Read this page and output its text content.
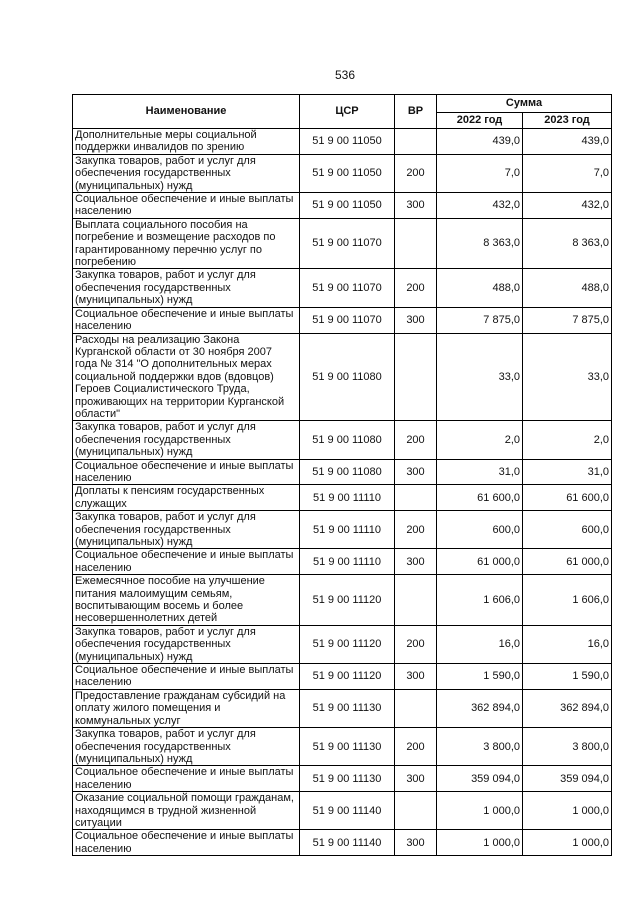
536
Наименование	ЦСР	ВР	Сумма	
			2022 год	2023 год
Дополнительные меры социальной поддержки инвалидов по зрению	51 9 00 11050		439,0	439,0
Закупка товаров, работ и услуг для обеспечения государственных (муниципальных) нужд	51 9 00 11050	200	7,0	7,0
Социальное обеспечение и иные выплаты населению	51 9 00 11050	300	432,0	432,0
Выплата социального пособия на погребение и возмещение расходов по гарантированному перечню услуг по погребению	51 9 00 11070		8 363,0	8 363,0
Закупка товаров, работ и услуг для обеспечения государственных (муниципальных) нужд	51 9 00 11070	200	488,0	488,0
Социальное обеспечение и иные выплаты населению	51 9 00 11070	300	7 875,0	7 875,0
Расходы на реализацию Закона Курганской области от 30 ноября 2007 года № 314 "О дополнительных мерах социальной поддержки вдов (вдовцов) Героев Социалистического Труда, проживающих на территории Курганской области"	51 9 00 11080		33,0	33,0
Закупка товаров, работ и услуг для обеспечения государственных (муниципальных) нужд	51 9 00 11080	200	2,0	2,0
Социальное обеспечение и иные выплаты населению	51 9 00 11080	300	31,0	31,0
Доплаты к пенсиям государственных служащих	51 9 00 11110		61 600,0	61 600,0
Закупка товаров, работ и услуг для обеспечения государственных (муниципальных) нужд	51 9 00 11110	200	600,0	600,0
Социальное обеспечение и иные выплаты населению	51 9 00 11110	300	61 000,0	61 000,0
Ежемесячное пособие на улучшение питания малоимущим семьям, воспитывающим восемь и более несовершеннолетних детей	51 9 00 11120		1 606,0	1 606,0
Закупка товаров, работ и услуг для обеспечения государственных (муниципальных) нужд	51 9 00 11120	200	16,0	16,0
Социальное обеспечение и иные выплаты населению	51 9 00 11120	300	1 590,0	1 590,0
Предоставление гражданам субсидий на оплату жилого помещения и коммунальных услуг	51 9 00 11130		362 894,0	362 894,0
Закупка товаров, работ и услуг для обеспечения государственных (муниципальных) нужд	51 9 00 11130	200	3 800,0	3 800,0
Социальное обеспечение и иные выплаты населению	51 9 00 11130	300	359 094,0	359 094,0
Оказание социальной помощи гражданам, находящимся в трудной жизненной ситуации	51 9 00 11140		1 000,0	1 000,0
Социальное обеспечение и иные выплаты населению	51 9 00 11140	300	1 000,0	1 000,0
